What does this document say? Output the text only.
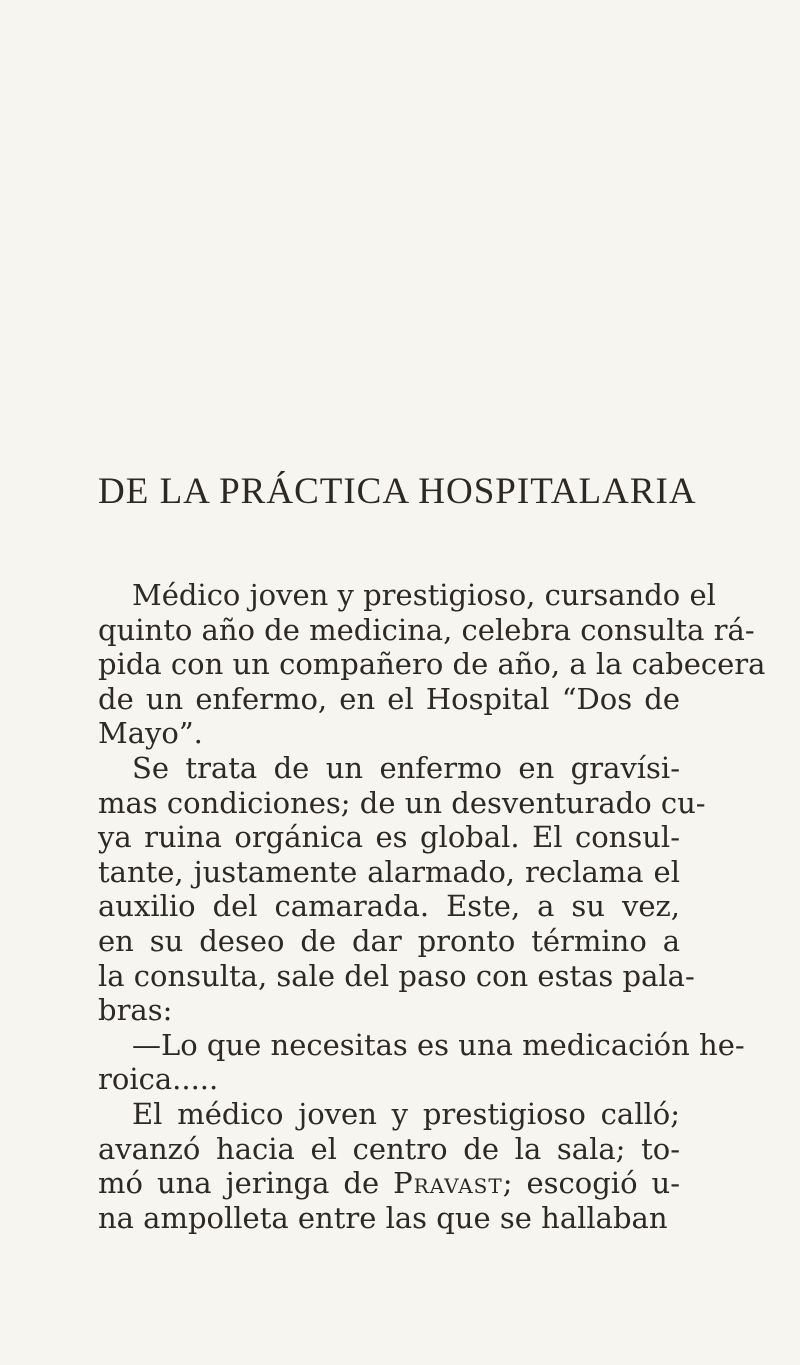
DE LA PRÁCTICA HOSPITALARIA
Médico joven y prestigioso, cursando el
quinto año de medicina, celebra consulta rá-
pida con un compañero de año, a la cabecera
de un enfermo, en el Hospital “Dos de
Mayo”.
Se trata de un enfermo en gravísi-
mas condiciones; de un desventurado cu-
ya ruina orgánica es global. El consul-
tante, justamente alarmado, reclama el
auxilio del camarada. Este, a su vez,
en su deseo de dar pronto término a
la consulta, sale del paso con estas pala-
bras:
—Lo que necesitas es una medicación he-
roica.....
El médico joven y prestigioso calló;
avanzó hacia el centro de la sala; to-
mó una jeringa de Pravast; escogió u-
na ampolleta entre las que se hallaban
